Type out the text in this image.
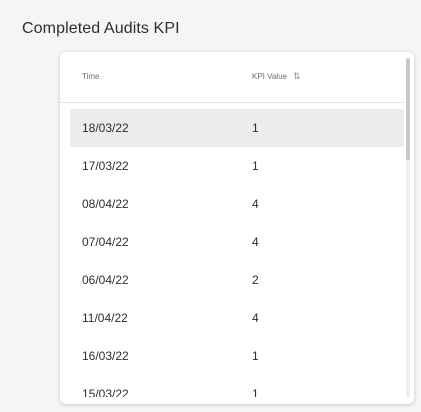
Completed Audits KPI
Time	KPI Value ⇅
18/03/22	1
17/03/22	1
08/04/22	4
07/04/22	4
06/04/22	2
11/04/22	4
16/03/22	1
15/03/22	1
